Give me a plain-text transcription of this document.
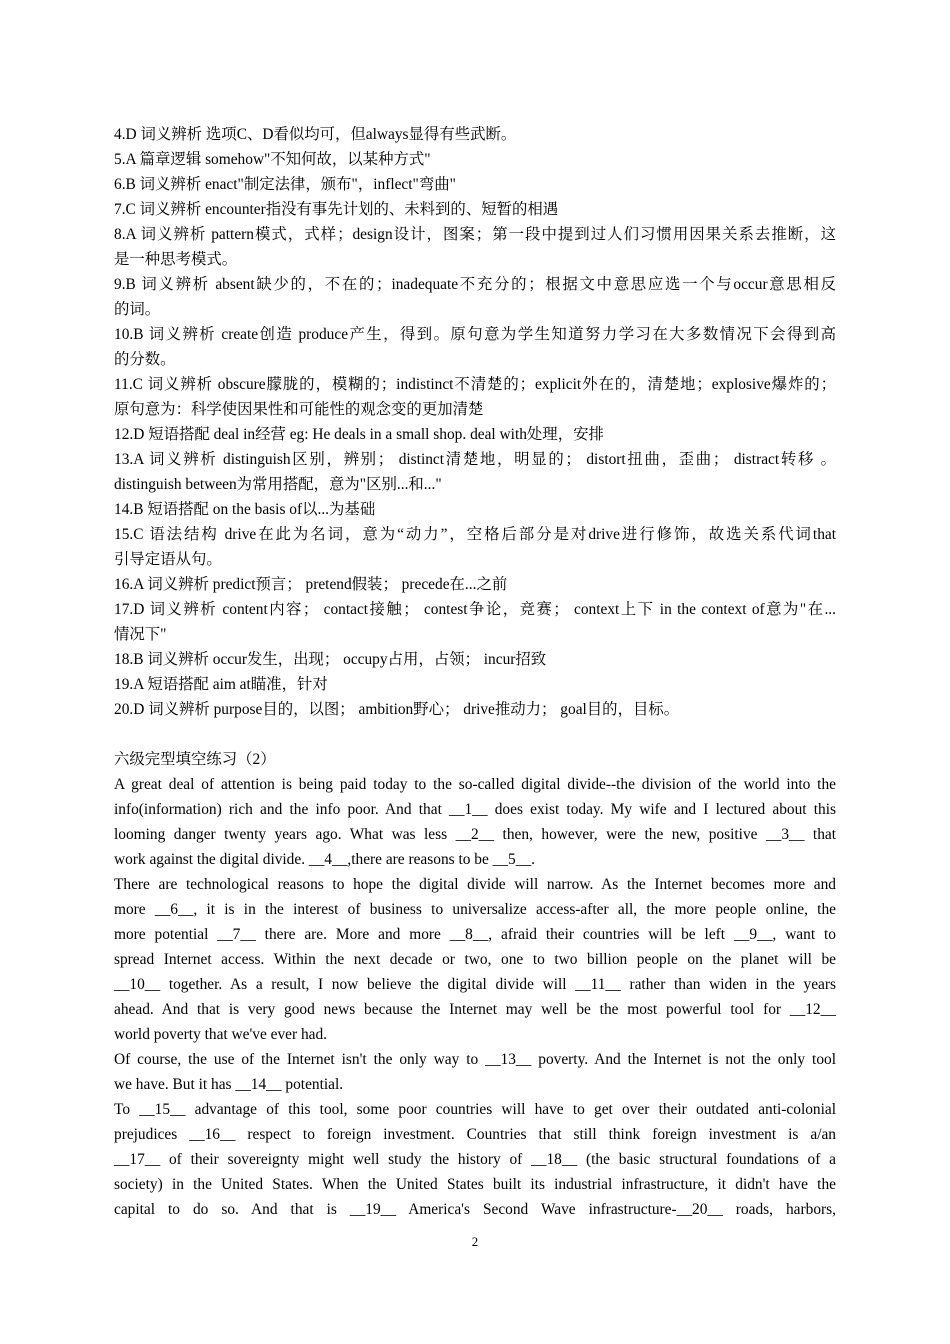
4.D 词义辨析 选项C、D看似均可，但always显得有些武断。
5.A 篇章逻辑 somehow"不知何故，以某种方式"
6.B 词义辨析 enact"制定法律，颁布"，inflect"弯曲"
7.C 词义辨析 encounter指没有事先计划的、未料到的、短暂的相遇
8.A 词义辨析 pattern模式，式样；design设计，图案；第一段中提到过人们习惯用因果关系去推断，这
是一种思考模式。
9.B 词义辨析 absent缺少的，不在的；inadequate不充分的；根据文中意思应选一个与occur意思相反
的词。
10.B 词义辨析 create创造 produce产生，得到。原句意为学生知道努力学习在大多数情况下会得到高
的分数。
11.C 词义辨析 obscure朦胧的，模糊的；indistinct不清楚的；explicit外在的，清楚地；explosive爆炸的；
原句意为：科学使因果性和可能性的观念变的更加清楚
12.D 短语搭配 deal in经营 eg: He deals in a small shop. deal with处理，安排
13.A 词义辨析 distinguish区别，辨别； distinct清楚地，明显的； distort扭曲，歪曲； distract转移 。
distinguish between为常用搭配，意为"区别...和..."
14.B 短语搭配 on the basis of以...为基础
15.C 语法结构 drive在此为名词，意为“动力”，空格后部分是对drive进行修饰，故选关系代词that
引导定语从句。
16.A 词义辨析 predict预言； pretend假装； precede在...之前
17.D 词义辨析 content内容； contact接触； contest争论，竞赛； context上下 in the context of意为"在...
情况下"
18.B 词义辨析 occur发生，出现； occupy占用，占领； incur招致
19.A 短语搭配 aim at瞄准，针对
20.D 词义辨析 purpose目的，以图； ambition野心； drive推动力； goal目的，目标。
六级完型填空练习（2）
A great deal of attention is being paid today to the so-called digital divide--the division of the world into the
info(information) rich and the info poor. And that __1__ does exist today. My wife and I lectured about this
looming danger twenty years ago. What was less __2__ then, however, were the new, positive __3__ that
work against the digital divide. __4__,there are reasons to be __5__.
There are technological reasons to hope the digital divide will narrow. As the Internet becomes more and
more __6__, it is in the interest of business to universalize access-after all, the more people online, the
more potential __7__ there are. More and more __8__, afraid their countries will be left __9__, want to
spread Internet access. Within the next decade or two, one to two billion people on the planet will be
__10__ together. As a result, I now believe the digital divide will __11__ rather than widen in the years
ahead. And that is very good news because the Internet may well be the most powerful tool for __12__
world poverty that we've ever had.
Of course, the use of the Internet isn't the only way to __13__ poverty. And the Internet is not the only tool
we have. But it has __14__ potential.
To __15__ advantage of this tool, some poor countries will have to get over their outdated anti-colonial
prejudices __16__ respect to foreign investment. Countries that still think foreign investment is a/an
__17__ of their sovereignty might well study the history of __18__ (the basic structural foundations of a
society) in the United States. When the United States built its industrial infrastructure, it didn't have the
capital to do so. And that is __19__ America's Second Wave infrastructure-__20__ roads, harbors,
2
